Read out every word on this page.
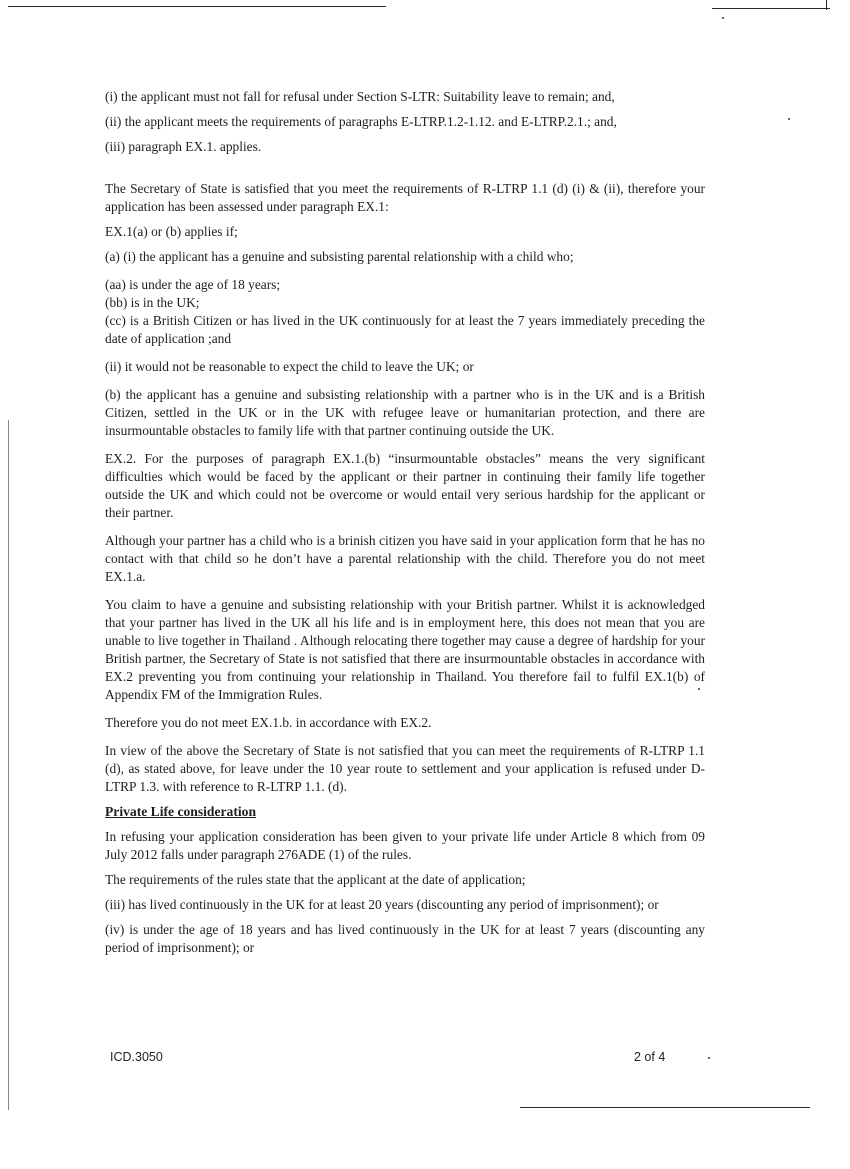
(i) the applicant must not fall for refusal under Section S-LTR: Suitability leave to remain; and,

(ii) the applicant meets the requirements of paragraphs E-LTRP.1.2-1.12. and E-LTRP.2.1.; and,

(iii) paragraph EX.1. applies.

The Secretary of State is satisfied that you meet the requirements of R-LTRP 1.1 (d) (i) & (ii), therefore your application has been assessed under paragraph EX.1:

EX.1(a) or (b) applies if;

(a) (i) the applicant has a genuine and subsisting parental relationship with a child who;

(aa) is under the age of 18 years;

(bb) is in the UK;

(cc) is a British Citizen or has lived in the UK continuously for at least the 7 years immediately preceding the date of application ;and

(ii) it would not be reasonable to expect the child to leave the UK; or

(b) the applicant has a genuine and subsisting relationship with a partner who is in the UK and is a British Citizen, settled in the UK or in the UK with refugee leave or humanitarian protection, and there are insurmountable obstacles to family life with that partner continuing outside the UK.

EX.2. For the purposes of paragraph EX.1.(b) “insurmountable obstacles” means the very significant difficulties which would be faced by the applicant or their partner in continuing their family life together outside the UK and which could not be overcome or would entail very serious hardship for the applicant or their partner.

Although your partner has a child who is a brinish citizen you have said in your application form that he has no contact with that child so he don’t have a parental relationship with the child. Therefore you do not meet EX.1.a.

You claim to have a genuine and subsisting relationship with your British partner. Whilst it is acknowledged that your partner has lived in the UK all his life and is in employment here, this does not mean that you are unable to live together in Thailand . Although relocating there together may cause a degree of hardship for your British partner, the Secretary of State is not satisfied that there are insurmountable obstacles in accordance with EX.2 preventing you from continuing your relationship in Thailand. You therefore fail to fulfil EX.1(b) of Appendix FM of the Immigration Rules.

Therefore you do not meet EX.1.b. in accordance with EX.2.

In view of the above the Secretary of State is not satisfied that you can meet the requirements of R-LTRP 1.1 (d), as stated above, for leave under the 10 year route to settlement and your application is refused under D-LTRP 1.3. with reference to R-LTRP 1.1. (d).

Private Life consideration

In refusing your application consideration has been given to your private life under Article 8 which from 09 July 2012 falls under paragraph 276ADE (1) of the rules.

The requirements of the rules state that the applicant at the date of application;

(iii) has lived continuously in the UK for at least 20 years (discounting any period of imprisonment); or

(iv) is under the age of 18 years and has lived continuously in the UK for at least 7 years (discounting any period of imprisonment); or

ICD.3050	2 of 4
